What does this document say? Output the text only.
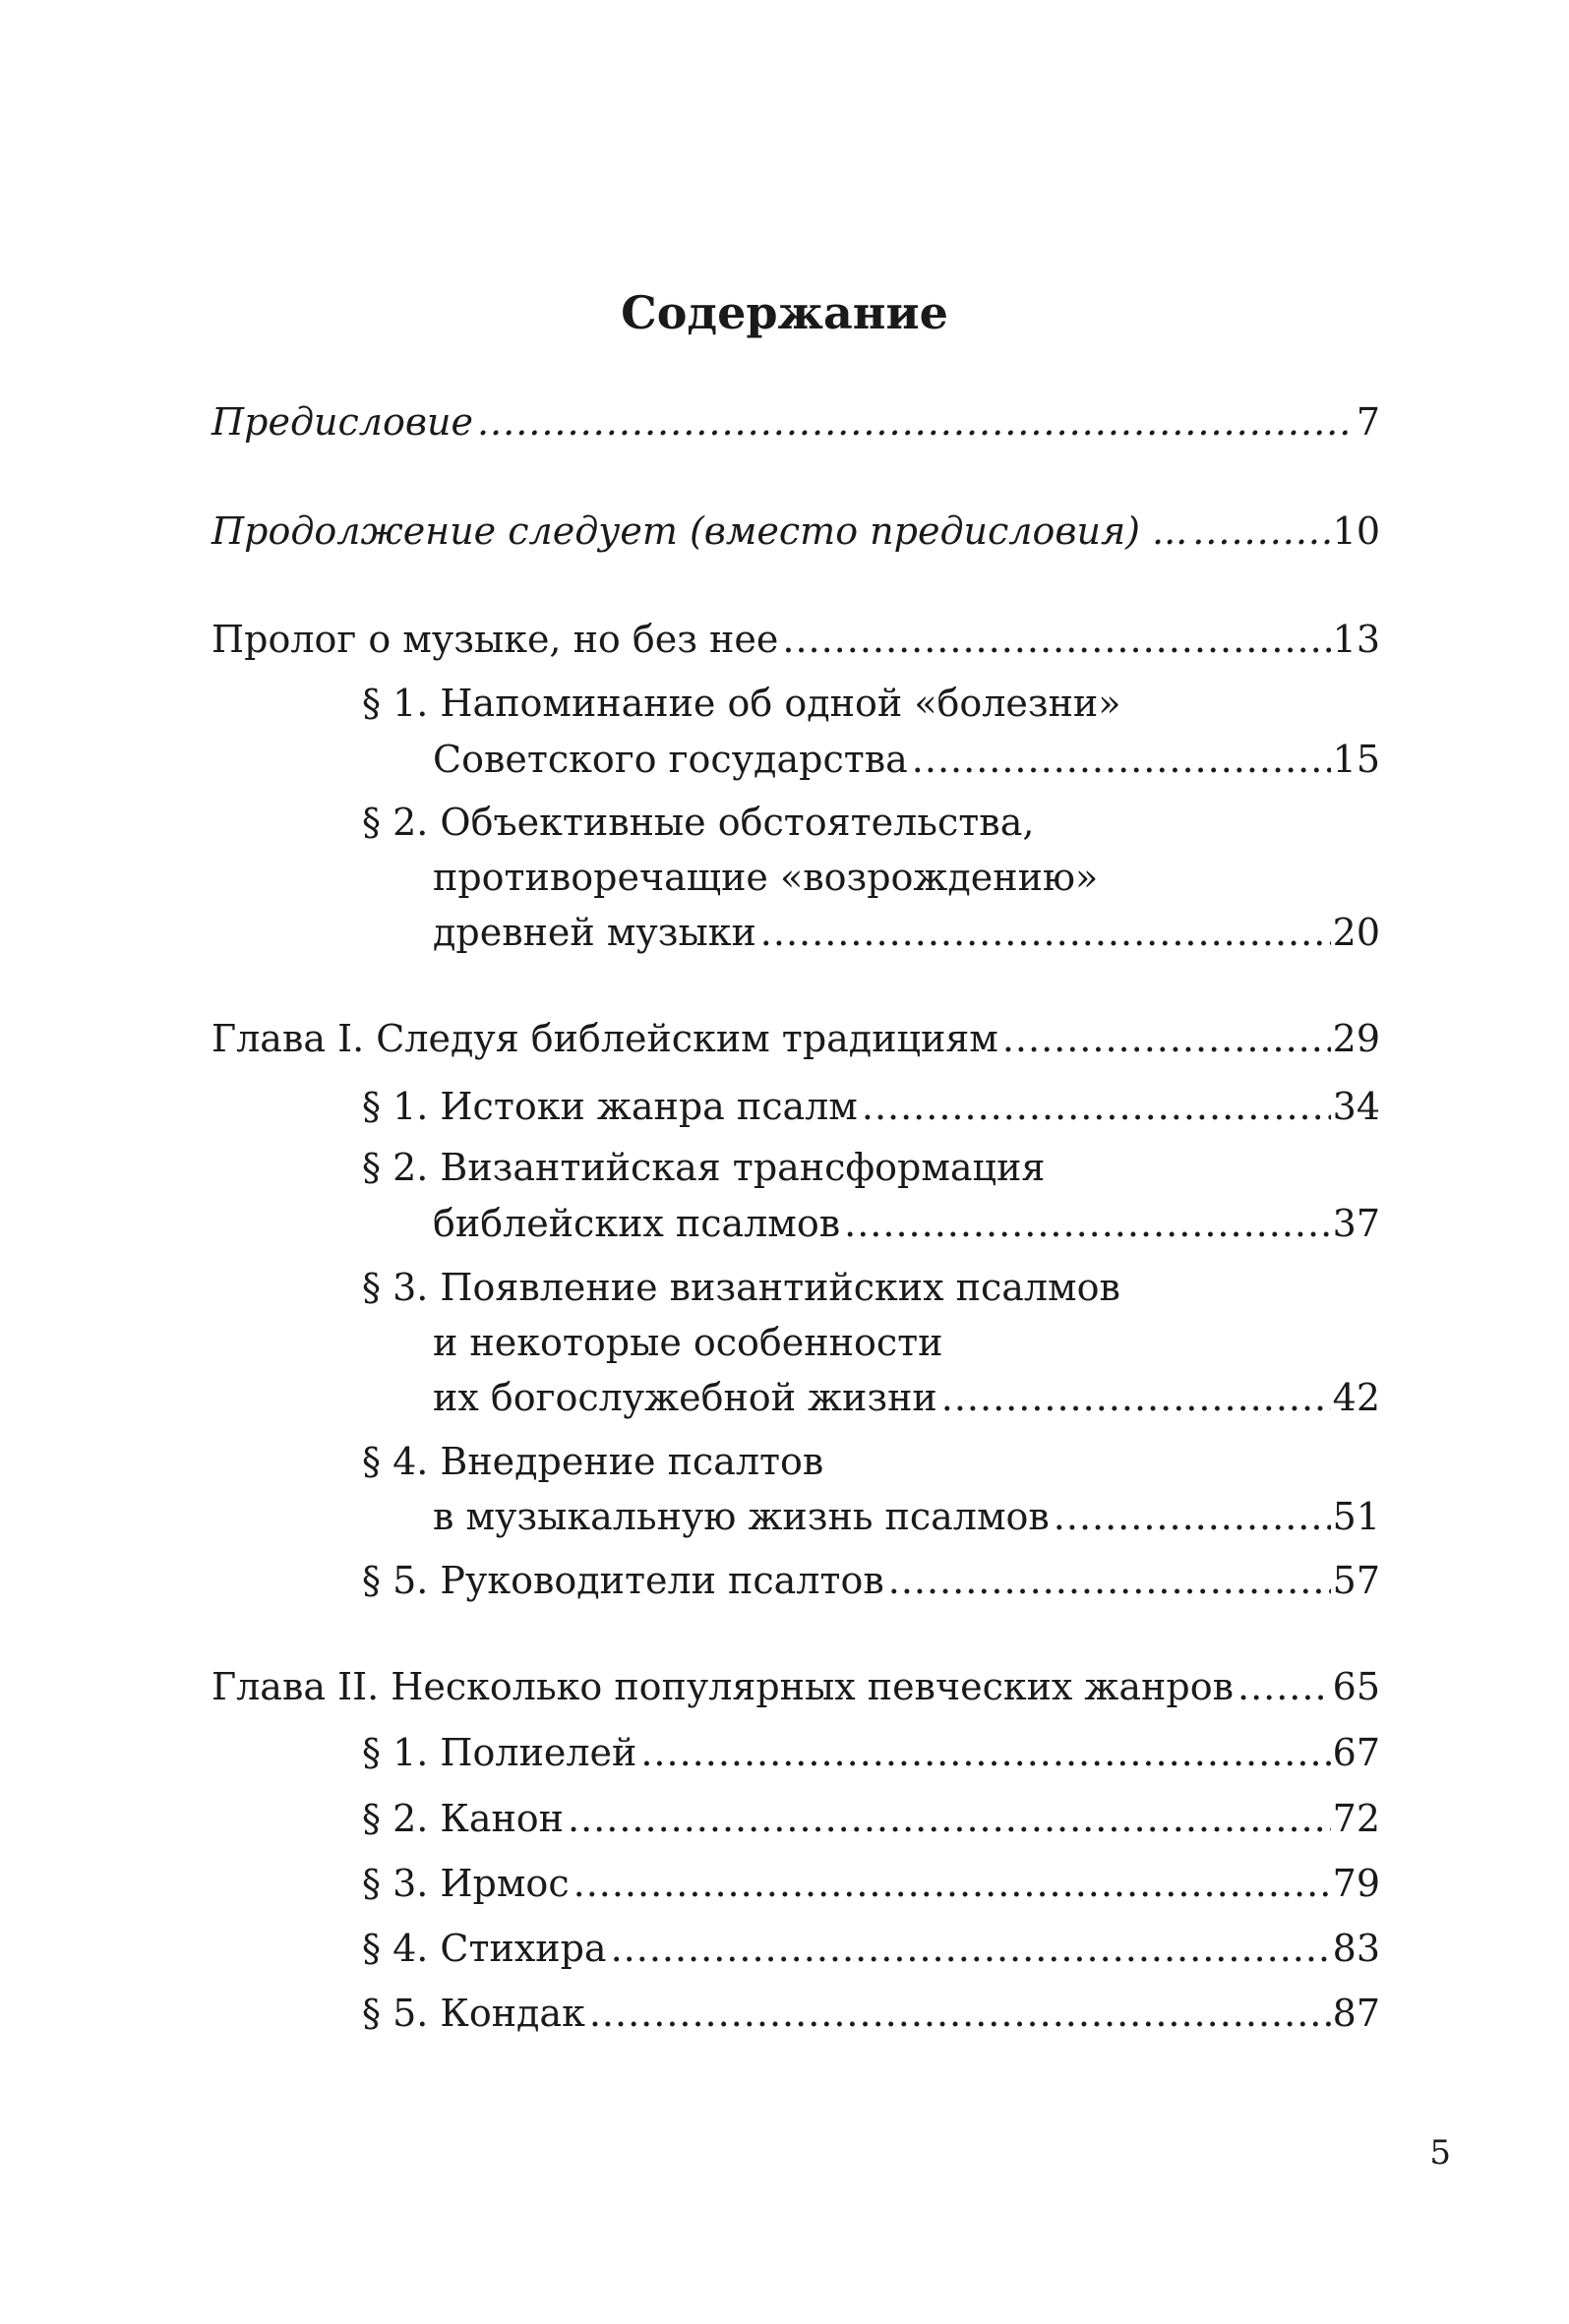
Содержание
Предисловие .....	7
Продолжение следует (вместо предисловия) ... .....	10
Пролог о музыке, но без нее .....	13
§ 1. Напоминание об одной «болезни»
Советского государства .....	15
§ 2. Объективные обстоятельства,
противоречащие «возрождению»
древней музыки .....	20
Глава I. Следуя библейским традициям .....	29
§ 1. Истоки жанра псалм .....	34
§ 2. Византийская трансформация
библейских псалмов .....	37
§ 3. Появление византийских псалмов
и некоторые особенности
их богослужебной жизни .....	42
§ 4. Внедрение псалтов
в музыкальную жизнь псалмов .....	51
§ 5. Руководители псалтов .....	57
Глава II. Несколько популярных певческих жанров .....	65
§ 1. Полиелей .....	67
§ 2. Канон .....	72
§ 3. Ирмос .....	79
§ 4. Стихира .....	83
§ 5. Кондак .....	87
5
